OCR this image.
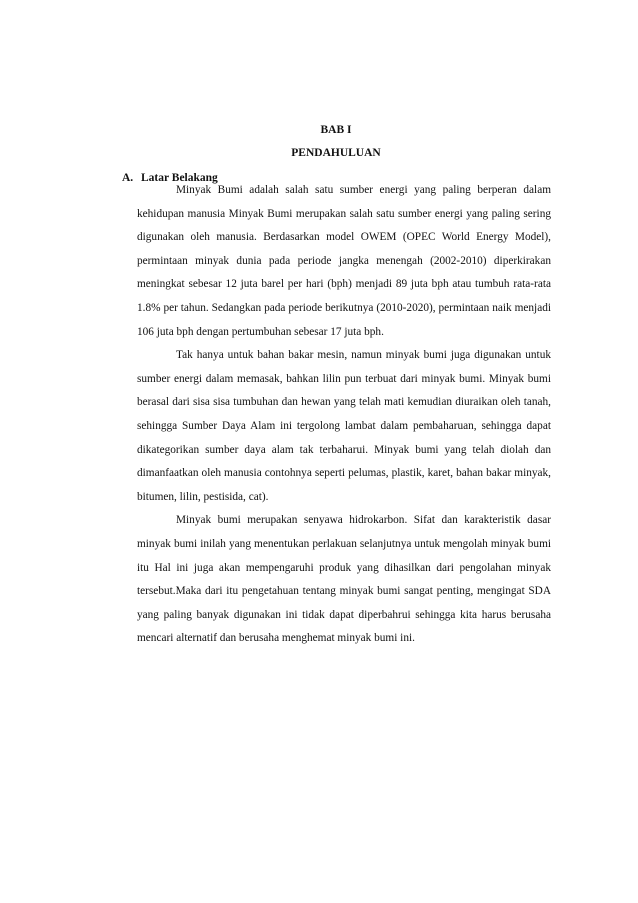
BAB I
PENDAHULUAN
A. Latar Belakang

Minyak Bumi adalah salah satu sumber energi yang paling berperan dalam kehidupan manusia Minyak Bumi merupakan salah satu sumber energi yang paling sering digunakan oleh manusia. Berdasarkan model OWEM (OPEC World Energy Model), permintaan minyak dunia pada periode jangka menengah (2002-2010) diperkirakan meningkat sebesar 12 juta barel per hari (bph) menjadi 89 juta bph atau tumbuh rata-rata 1.8% per tahun. Sedangkan pada periode berikutnya (2010-2020), permintaan naik menjadi 106 juta bph dengan pertumbuhan sebesar 17 juta bph.

Tak hanya untuk bahan bakar mesin, namun minyak bumi juga digunakan untuk sumber energi dalam memasak, bahkan lilin pun terbuat dari minyak bumi. Minyak bumi berasal dari sisa sisa tumbuhan dan hewan yang telah mati kemudian diuraikan oleh tanah, sehingga Sumber Daya Alam ini tergolong lambat dalam pembaharuan, sehingga dapat dikategorikan sumber daya alam tak terbaharui. Minyak bumi yang telah diolah dan dimanfaatkan oleh manusia contohnya seperti pelumas, plastik, karet, bahan bakar minyak, bitumen, lilin, pestisida, cat).

Minyak bumi merupakan senyawa hidrokarbon. Sifat dan karakteristik dasar minyak bumi inilah yang menentukan perlakuan selanjutnya untuk mengolah minyak bumi itu Hal ini juga akan mempengaruhi produk yang dihasilkan dari pengolahan minyak tersebut.Maka dari itu pengetahuan tentang minyak bumi sangat penting, mengingat SDA yang paling banyak digunakan ini tidak dapat diperbahrui sehingga kita harus berusaha mencari alternatif dan berusaha menghemat minyak bumi ini.
